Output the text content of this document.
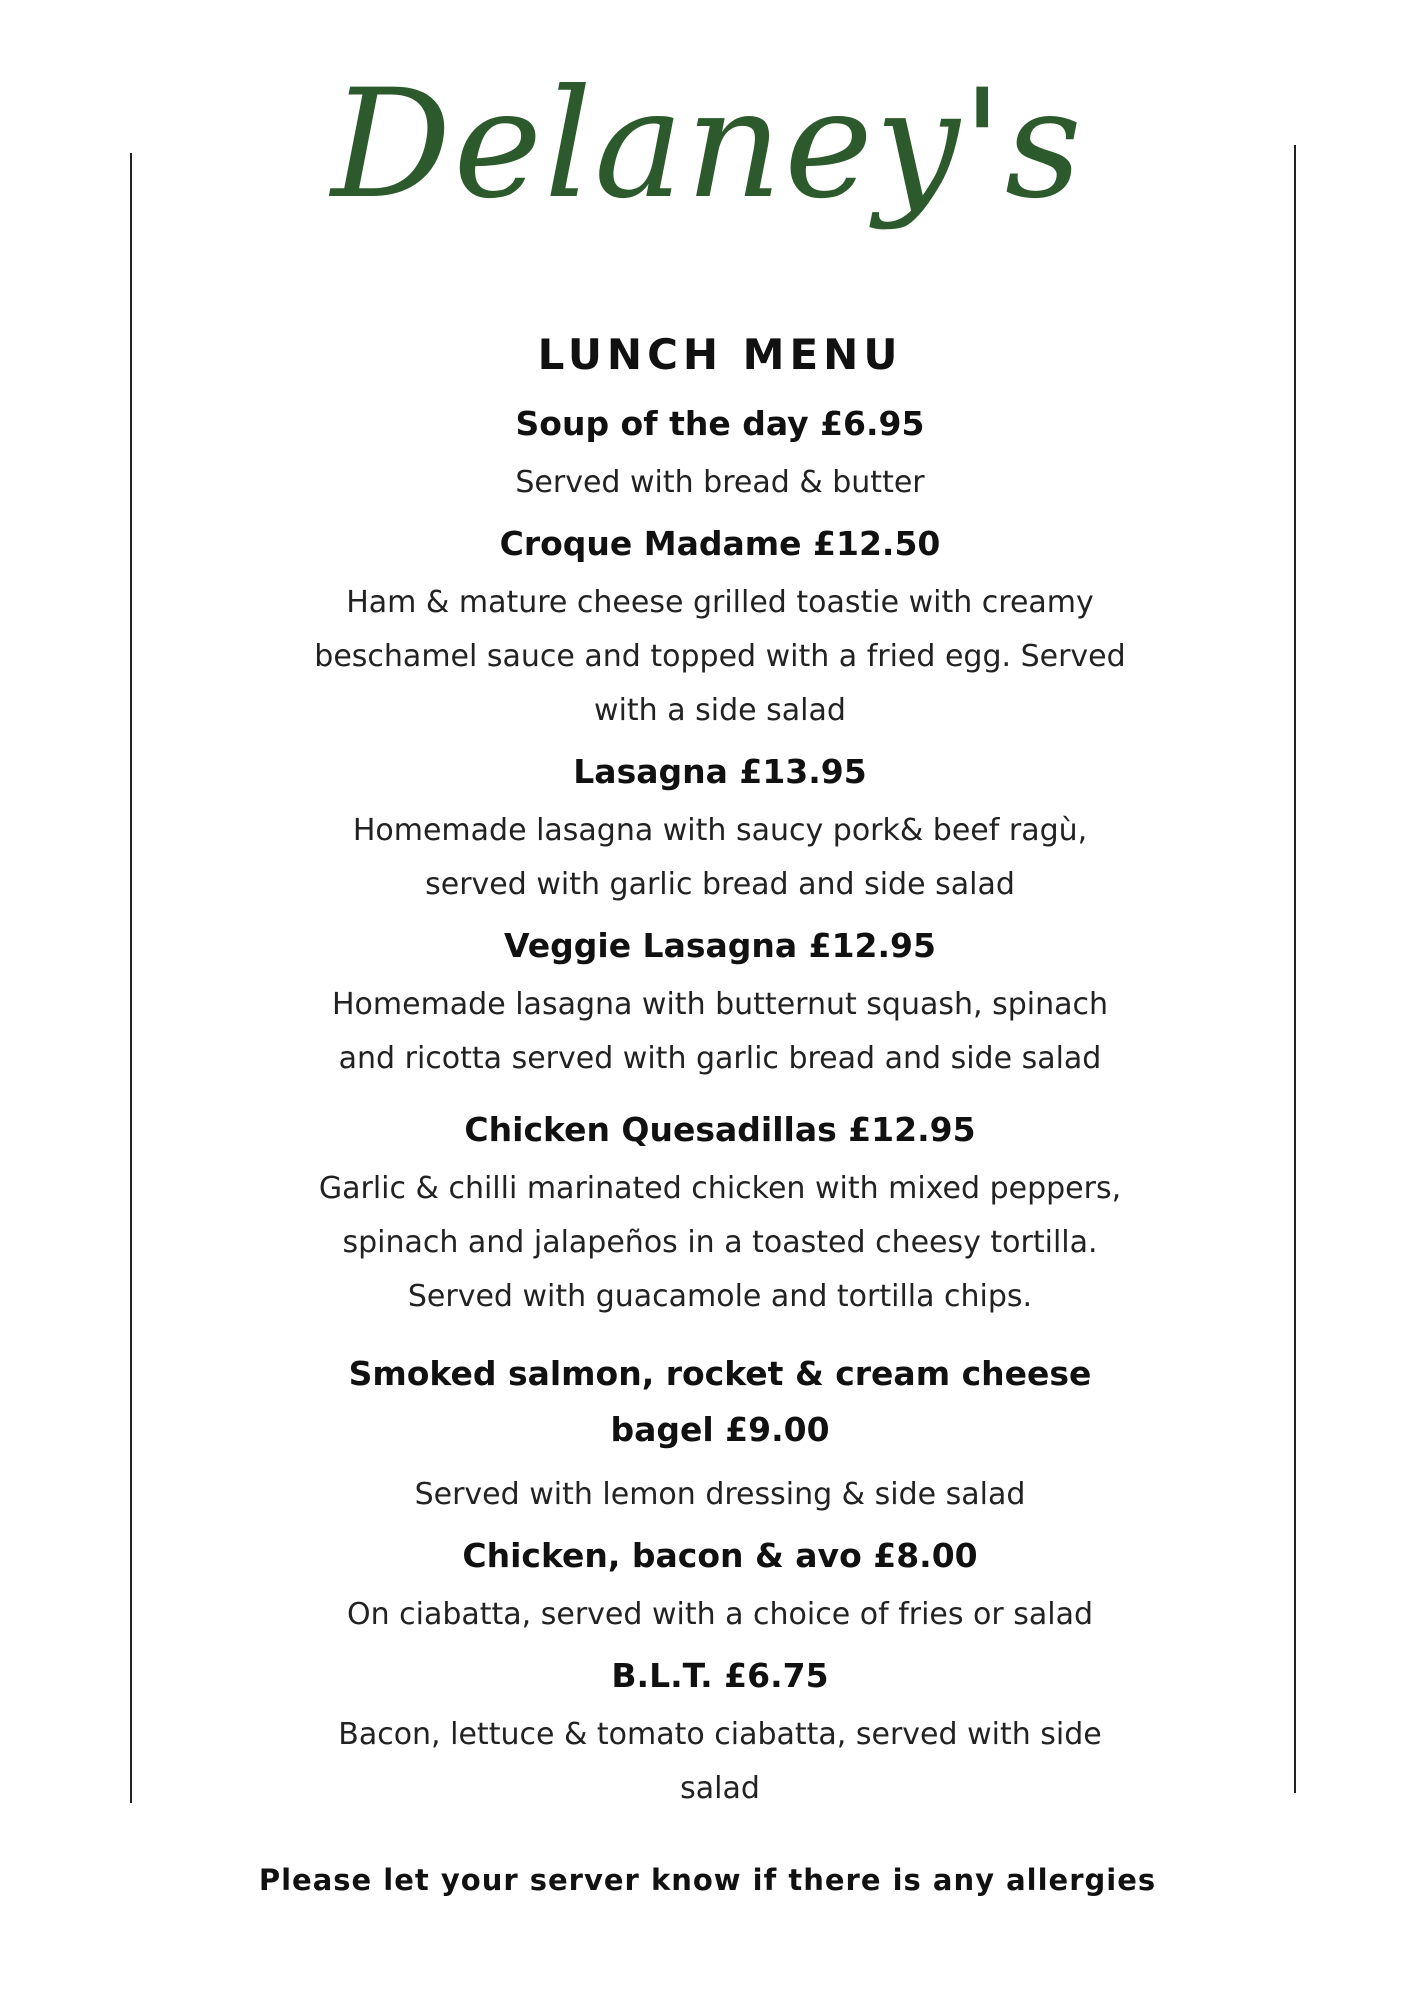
Delaney's
LUNCH MENU
Soup of the day £6.95
Served with bread & butter
Croque Madame £12.50
Ham & mature cheese grilled toastie with creamy beschamel sauce and topped with a fried egg. Served with a side salad
Lasagna £13.95
Homemade lasagna with saucy pork& beef ragù, served with garlic bread and side salad
Veggie Lasagna £12.95
Homemade lasagna with butternut squash, spinach and ricotta served with garlic bread and side salad
Chicken Quesadillas £12.95
Garlic & chilli marinated chicken with mixed peppers, spinach and jalapeños in a toasted cheesy tortilla. Served with guacamole and tortilla chips.
Smoked salmon, rocket & cream cheese bagel £9.00
Served with lemon dressing & side salad
Chicken, bacon & avo £8.00
On ciabatta, served with a choice of fries or salad
B.L.T. £6.75
Bacon, lettuce & tomato ciabatta, served with side salad
Please let your server know if there is any allergies
